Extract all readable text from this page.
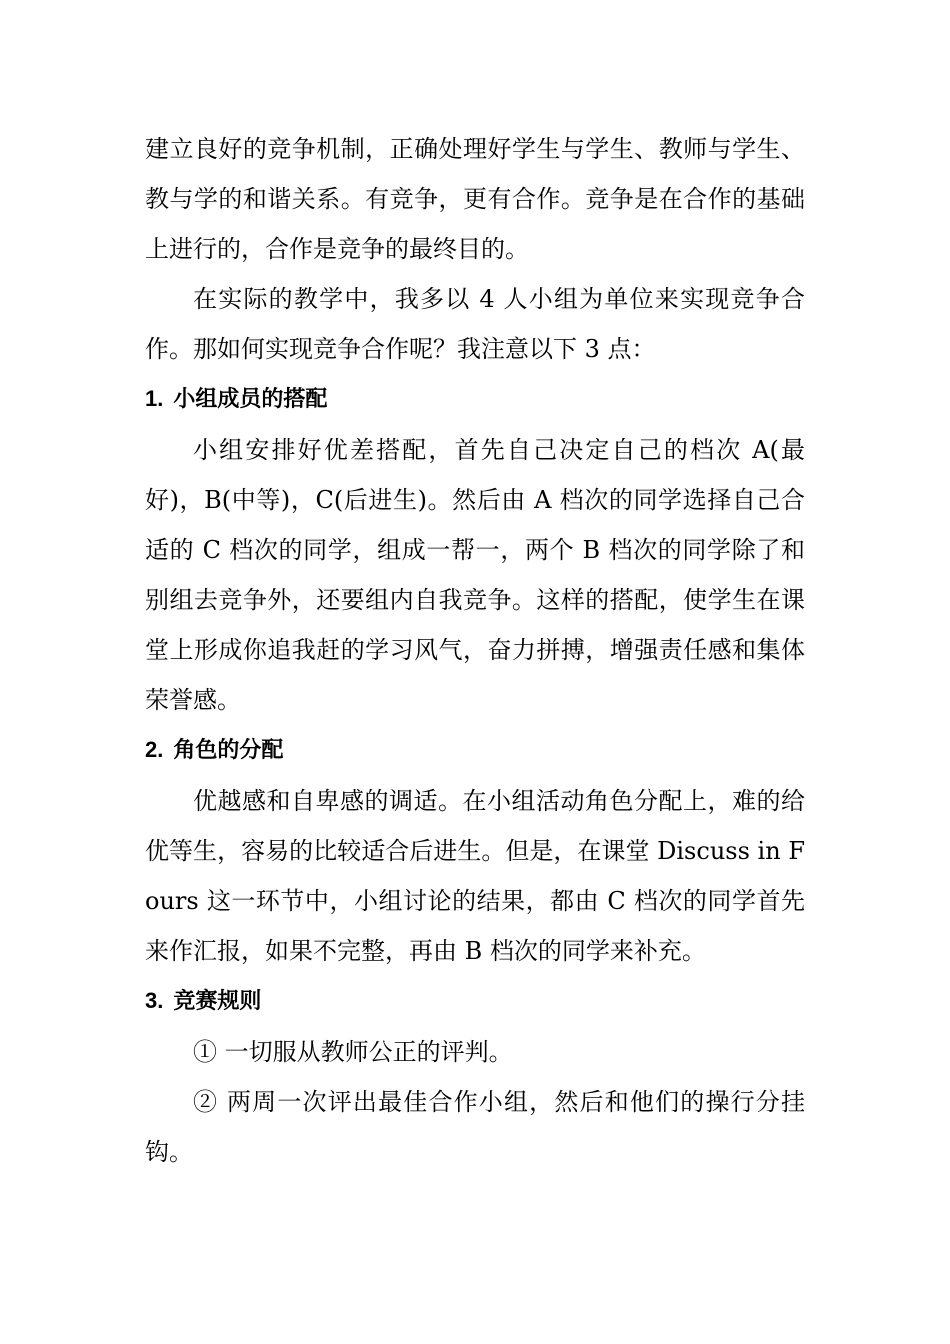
建立良好的竞争机制，正确处理好学生与学生、教师与学生、教与学的和谐关系。有竞争，更有合作。竞争是在合作的基础上进行的，合作是竞争的最终目的。

在实际的教学中，我多以 4 人小组为单位来实现竞争合作。那如何实现竞争合作呢？我注意以下 3 点：

1. 小组成员的搭配

小组安排好优差搭配，首先自己决定自己的档次 A(最好)，B(中等)，C(后进生)。然后由 A 档次的同学选择自己合适的 C 档次的同学，组成一帮一，两个 B 档次的同学除了和别组去竞争外，还要组内自我竞争。这样的搭配，使学生在课堂上形成你追我赶的学习风气，奋力拼搏，增强责任感和集体荣誉感。

2. 角色的分配

优越感和自卑感的调适。在小组活动角色分配上，难的给优等生，容易的比较适合后进生。但是，在课堂 Discuss in Fours 这一环节中，小组讨论的结果，都由 C 档次的同学首先来作汇报，如果不完整，再由 B 档次的同学来补充。

3. 竞赛规则

① 一切服从教师公正的评判。

② 两周一次评出最佳合作小组，然后和他们的操行分挂钩。
